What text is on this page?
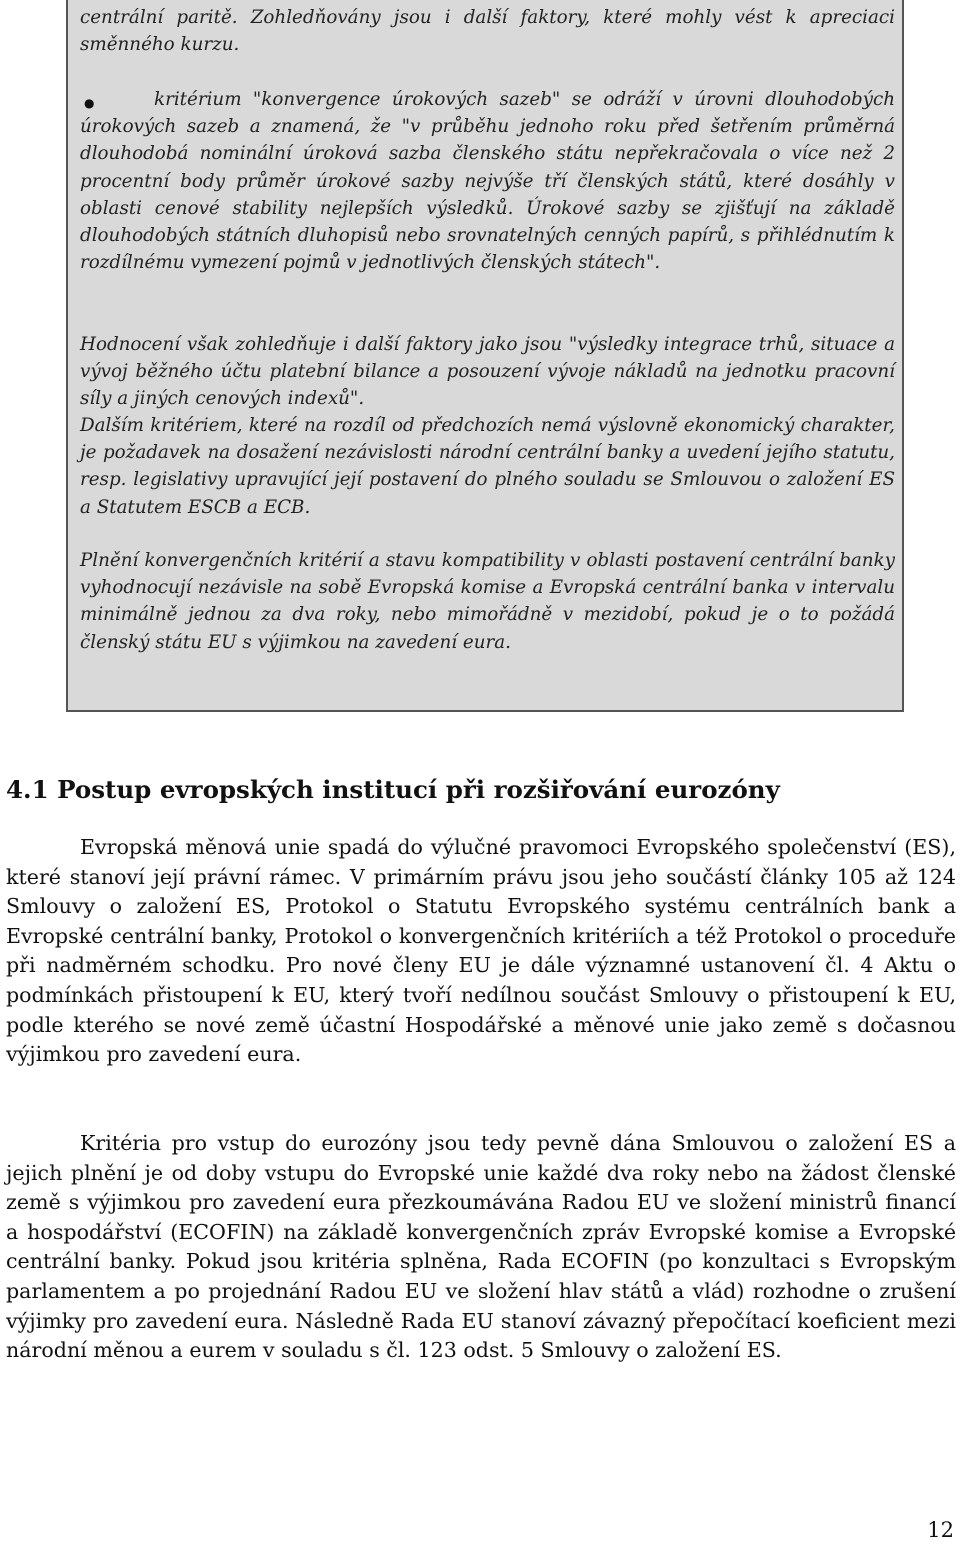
centrální paritě. Zohledňovány jsou i další faktory, které mohly vést k apreciaci směnného kurzu.

●	kritérium "konvergence úrokových sazeb" se odráží v úrovni dlouhodobých úrokových sazeb a znamená, že "v průběhu jednoho roku před šetřením průměrná dlouhodobá nominální úroková sazba členského státu nepřekračovala o více než 2 procentní body průměr úrokové sazby nejvýše tří členských států, které dosáhly v oblasti cenové stability nejlepších výsledků. Úrokové sazby se zjišťují na základě dlouhodobých státních dluhopisů nebo srovnatelných cenných papírů, s přihlédnutím k rozdílnému vymezení pojmů v jednotlivých členských státech".

Hodnocení však zohledňuje i další faktory jako jsou "výsledky integrace trhů, situace a vývoj běžného účtu platební bilance a posouzení vývoje nákladů na jednotku pracovní síly a jiných cenových indexů".

Dalším kritériem, které na rozdíl od předchozích nemá výslovně ekonomický charakter, je požadavek na dosažení nezávislosti národní centrální banky a uvedení jejího statutu, resp. legislativy upravující její postavení do plného souladu se Smlouvou o založení ES a Statutem ESCB a ECB.

Plnění konvergenčních kritérií a stavu kompatibility v oblasti postavení centrální banky vyhodnocují nezávisle na sobě Evropská komise a Evropská centrální banka v intervalu minimálně jednou za dva roky, nebo mimořádně v mezidobí, pokud je o to požádá členský státu EU s výjimkou na zavedení eura.

4.1 Postup evropských institucí při rozšiřování eurozóny

Evropská měnová unie spadá do výlučné pravomoci Evropského společenství (ES), které stanoví její právní rámec. V primárním právu jsou jeho součástí články 105 až 124 Smlouvy o založení ES, Protokol o Statutu Evropského systému centrálních bank a Evropské centrální banky, Protokol o konvergenčních kritériích a též Protokol o proceduře při nadměrném schodku. Pro nové členy EU je dále významné ustanovení čl. 4 Aktu o podmínkách přistoupení k EU, který tvoří nedílnou součást Smlouvy o přistoupení k EU, podle kterého se nové země účastní Hospodářské a měnové unie jako země s dočasnou výjimkou pro zavedení eura.

Kritéria pro vstup do eurozóny jsou tedy pevně dána Smlouvou o založení ES a jejich plnění je od doby vstupu do Evropské unie každé dva roky nebo na žádost členské země s výjimkou pro zavedení eura přezkoumávána Radou EU ve složení ministrů financí a hospodářství (ECOFIN) na základě konvergenčních zpráv Evropské komise a Evropské centrální banky. Pokud jsou kritéria splněna, Rada ECOFIN (po konzultaci s Evropským parlamentem a po projednání Radou EU ve složení hlav států a vlád) rozhodne o zrušení výjimky pro zavedení eura. Následně Rada EU stanoví závazný přepočítací koeficient mezi národní měnou a eurem v souladu s čl. 123 odst. 5 Smlouvy o založení ES.

12
